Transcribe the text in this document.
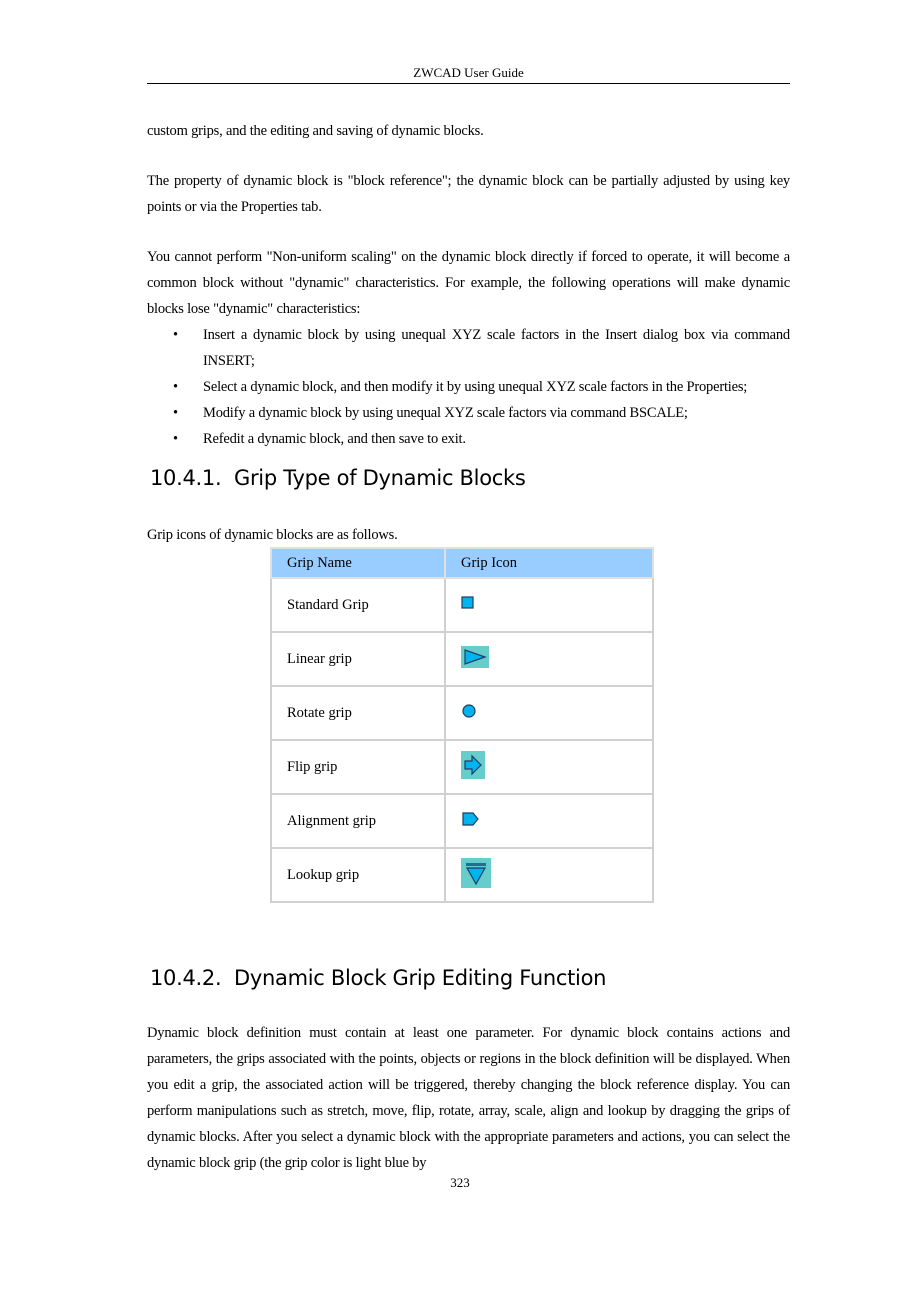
ZWCAD User Guide

custom grips, and the editing and saving of dynamic blocks.

The property of dynamic block is "block reference"; the dynamic block can be partially adjusted by using key points or via the Properties tab.

You cannot perform "Non-uniform scaling" on the dynamic block directly if forced to operate, it will become a common block without "dynamic" characteristics. For example, the following operations will make dynamic blocks lose "dynamic" characteristics:

• Insert a dynamic block by using unequal XYZ scale factors in the Insert dialog box via command INSERT;
• Select a dynamic block, and then modify it by using unequal XYZ scale factors in the Properties;
• Modify a dynamic block by using unequal XYZ scale factors via command BSCALE;
• Refedit a dynamic block, and then save to exit.
10.4.1. Grip Type of Dynamic Blocks

Grip icons of dynamic blocks are as follows.

Grip Name	Grip Icon
Standard Grip	
Linear grip	
Rotate grip	
Flip grip	
Alignment grip	
Lookup grip	
10.4.2. Dynamic Block Grip Editing Function

Dynamic block definition must contain at least one parameter. For dynamic block contains actions and parameters, the grips associated with the points, objects or regions in the block definition will be displayed. When you edit a grip, the associated action will be triggered, thereby changing the block reference display. You can perform manipulations such as stretch, move, flip, rotate, array, scale, align and lookup by dragging the grips of dynamic blocks. After you select a dynamic block with the appropriate parameters and actions, you can select the dynamic block grip (the grip color is light blue by

323
